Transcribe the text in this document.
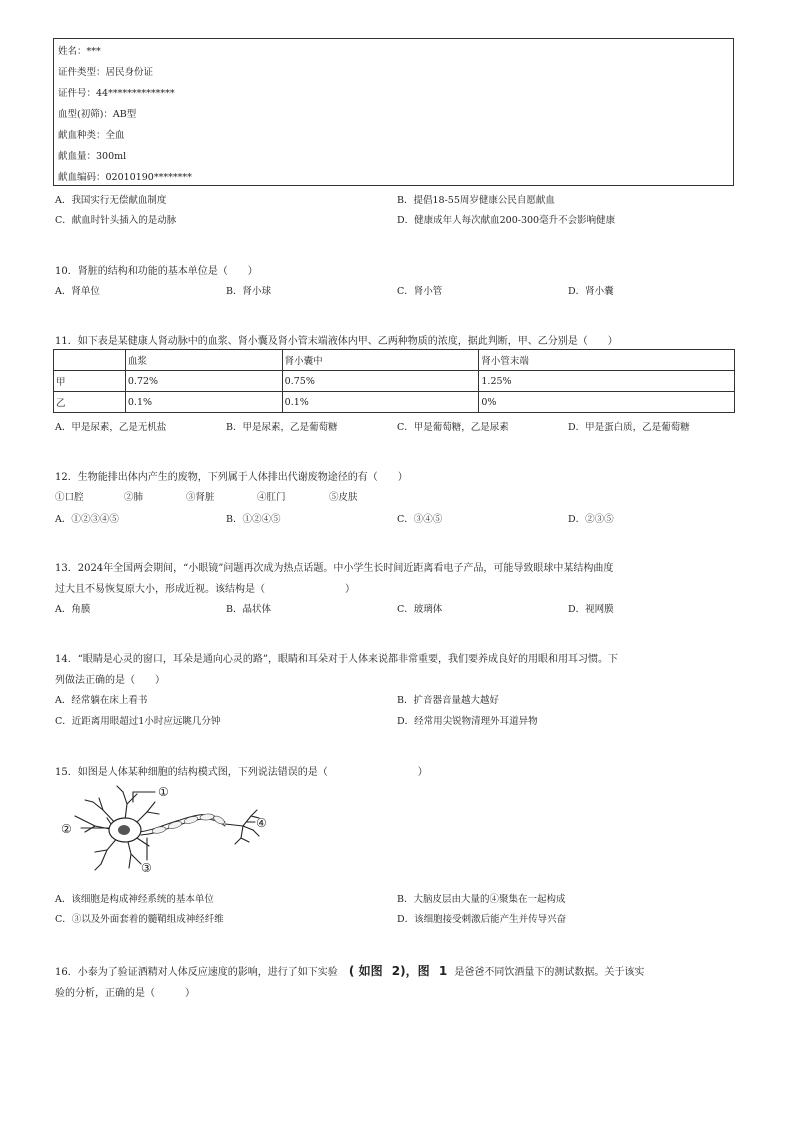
姓名：***
证件类型：居民身份证
证件号：44**************
血型(初筛)：AB型
献血种类：全血
献血量：300ml
献血编码：02010190********
A．我国实行无偿献血制度	B．提倡18-55周岁健康公民自愿献血
C．献血时针头插入的是动脉	D．健康成年人每次献血200-300毫升不会影响健康
10．肾脏的结构和功能的基本单位是（　　）
A．肾单位	B．肾小球	C．肾小管	D．肾小囊
11．如下表是某健康人肾动脉中的血浆、肾小囊及肾小管末端液体内甲、乙两种物质的浓度，据此判断，甲、乙分别是（　　）
	血浆	肾小囊中	肾小管末端
甲	0.72%	0.75%	1.25%
乙	0.1%	0.1%	0%
A．甲是尿素，乙是无机盐	B．甲是尿素，乙是葡萄糖	C．甲是葡萄糖，乙是尿素	D．甲是蛋白质，乙是葡萄糖
12．生物能排出体内产生的废物，下列属于人体排出代谢废物途径的有（　　）
①口腔	②肺	③肾脏	④肛门	⑤皮肤
A．①②③④⑤	B．①②④⑤	C．③④⑤	D．②③⑤
13．2024年全国两会期间，“小眼镜”问题再次成为热点话题。中小学生长时间近距离看电子产品，可能导致眼球中某结构曲度
过大且不易恢复原大小，形成近视。该结构是（　　　　　　　　）
A．角膜	B．晶状体	C．玻璃体	D．视网膜
14．“眼睛是心灵的窗口，耳朵是通向心灵的路”，眼睛和耳朵对于人体来说都非常重要，我们要养成良好的用眼和用耳习惯。下
列做法正确的是（　　）
A．经常躺在床上看书	B．扩音器音量越大越好
C．近距离用眼超过1小时应远眺几分钟	D．经常用尖锐物清理外耳道异物
15．如图是人体某种细胞的结构模式图，下列说法错误的是（　　　　　　　　　）
①
②
③
④
A．该细胞是构成神经系统的基本单位	B．大脑皮层由大量的④聚集在一起构成
C．③以及外面套着的髓鞘组成神经纤维	D．该细胞接受刺激后能产生并传导兴奋
16．小泰为了验证酒精对人体反应速度的影响，进行了如下实验 ( 如图 2)，图 1 是爸爸不同饮酒量下的测试数据。关于该实
验的分析，正确的是（　　　）
